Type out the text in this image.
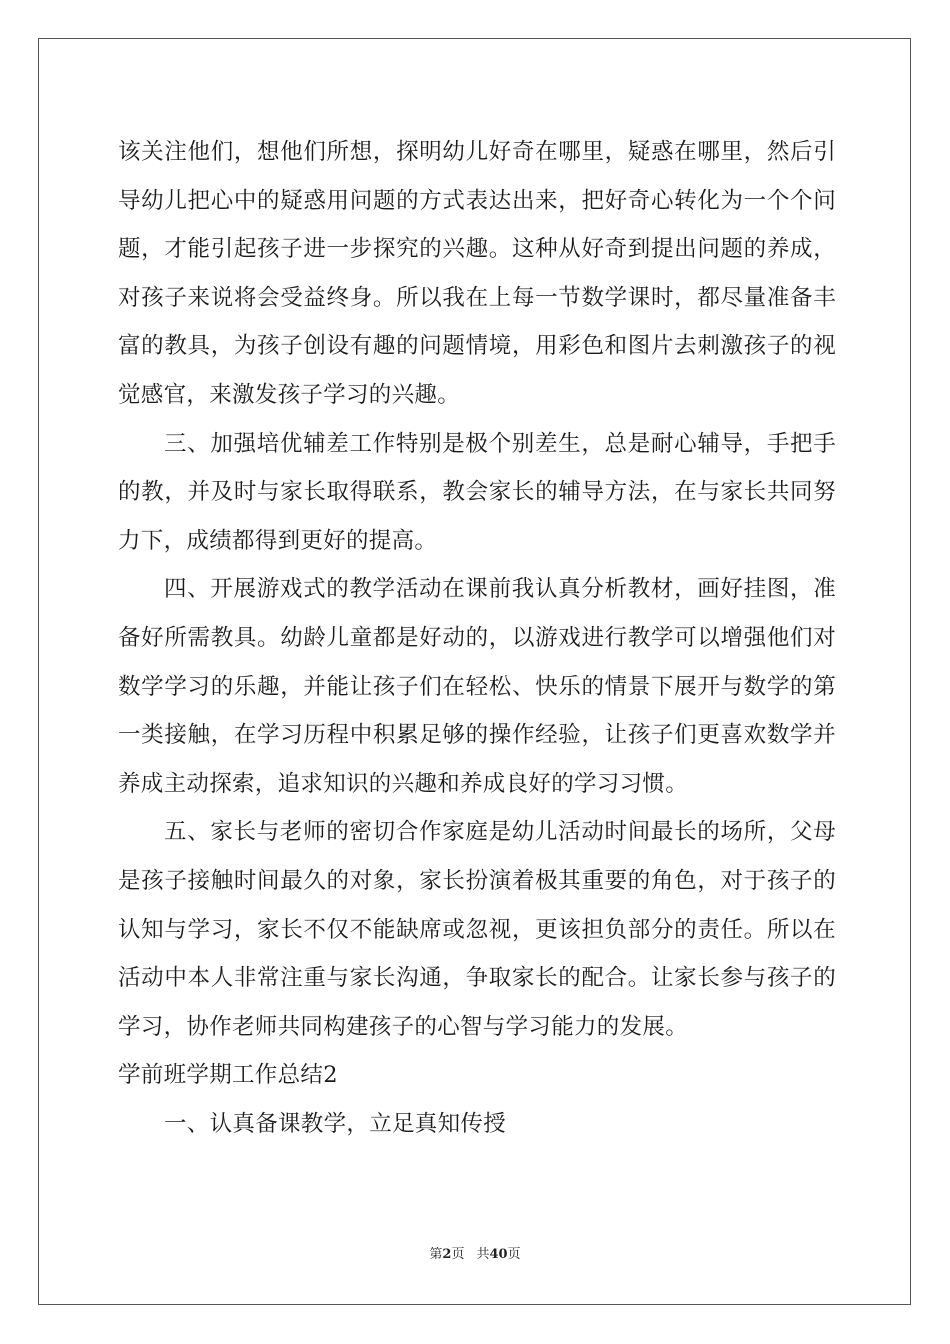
该关注他们，想他们所想，探明幼儿好奇在哪里，疑惑在哪里，然后引导幼儿把心中的疑惑用问题的方式表达出来，把好奇心转化为一个个问题，才能引起孩子进一步探究的兴趣。这种从好奇到提出问题的养成，对孩子来说将会受益终身。所以我在上每一节数学课时，都尽量准备丰富的教具，为孩子创设有趣的问题情境，用彩色和图片去刺激孩子的视觉感官，来激发孩子学习的兴趣。

三、加强培优辅差工作特别是极个别差生，总是耐心辅导，手把手的教，并及时与家长取得联系，教会家长的辅导方法，在与家长共同努力下，成绩都得到更好的提高。

四、开展游戏式的教学活动在课前我认真分析教材，画好挂图，准备好所需教具。幼龄儿童都是好动的，以游戏进行教学可以增强他们对数学学习的乐趣，并能让孩子们在轻松、快乐的情景下展开与数学的第一类接触，在学习历程中积累足够的操作经验，让孩子们更喜欢数学并养成主动探索，追求知识的兴趣和养成良好的学习习惯。

五、家长与老师的密切合作家庭是幼儿活动时间最长的场所，父母是孩子接触时间最久的对象，家长扮演着极其重要的角色，对于孩子的认知与学习，家长不仅不能缺席或忽视，更该担负部分的责任。所以在活动中本人非常注重与家长沟通，争取家长的配合。让家长参与孩子的学习，协作老师共同构建孩子的心智与学习能力的发展。

学前班学期工作总结2

一、认真备课教学，立足真知传授

第2页 共40页
